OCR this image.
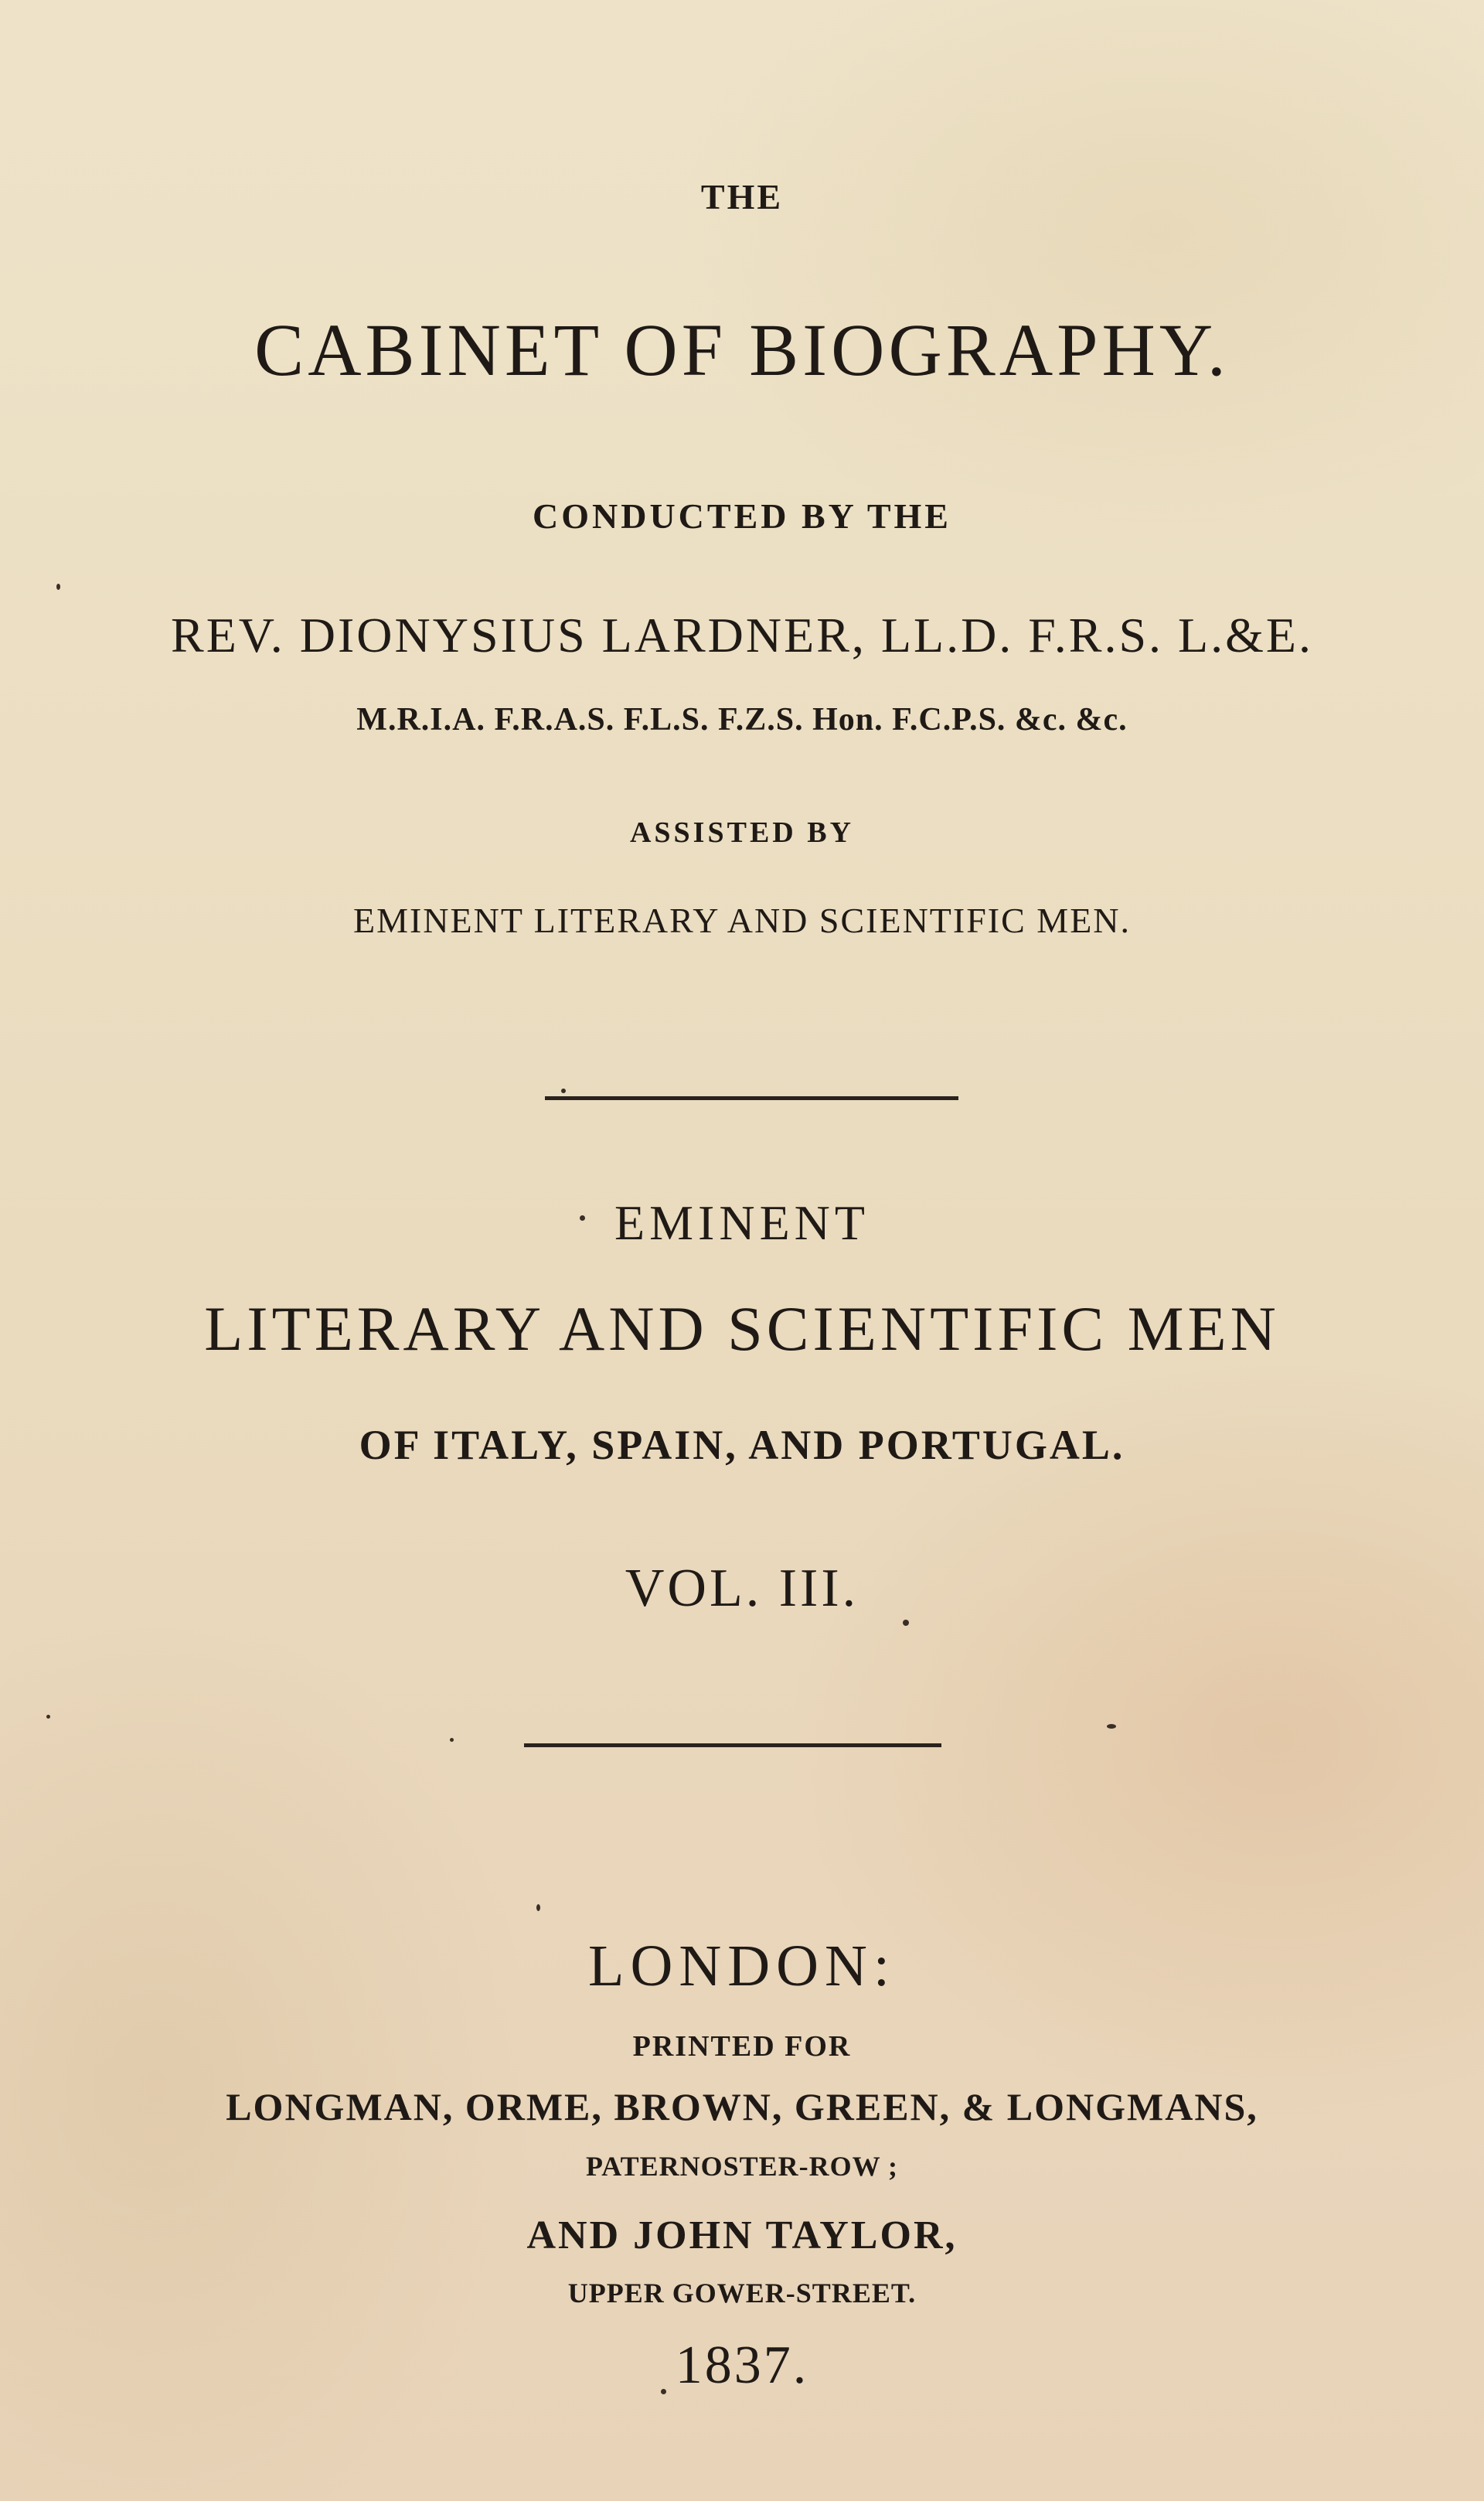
THE
CABINET OF BIOGRAPHY.
CONDUCTED BY THE
REV. DIONYSIUS LARDNER, LL.D. F.R.S. L.&E.
M.R.I.A. F.R.A.S. F.L.S. F.Z.S. Hon. F.C.P.S. &c. &c.
ASSISTED BY
EMINENT LITERARY AND SCIENTIFIC MEN.
EMINENT
LITERARY AND SCIENTIFIC MEN
OF ITALY, SPAIN, AND PORTUGAL.
VOL. III.
LONDON:
PRINTED FOR
LONGMAN, ORME, BROWN, GREEN, & LONGMANS,
PATERNOSTER-ROW ;
AND JOHN TAYLOR,
UPPER GOWER-STREET.
1837.
